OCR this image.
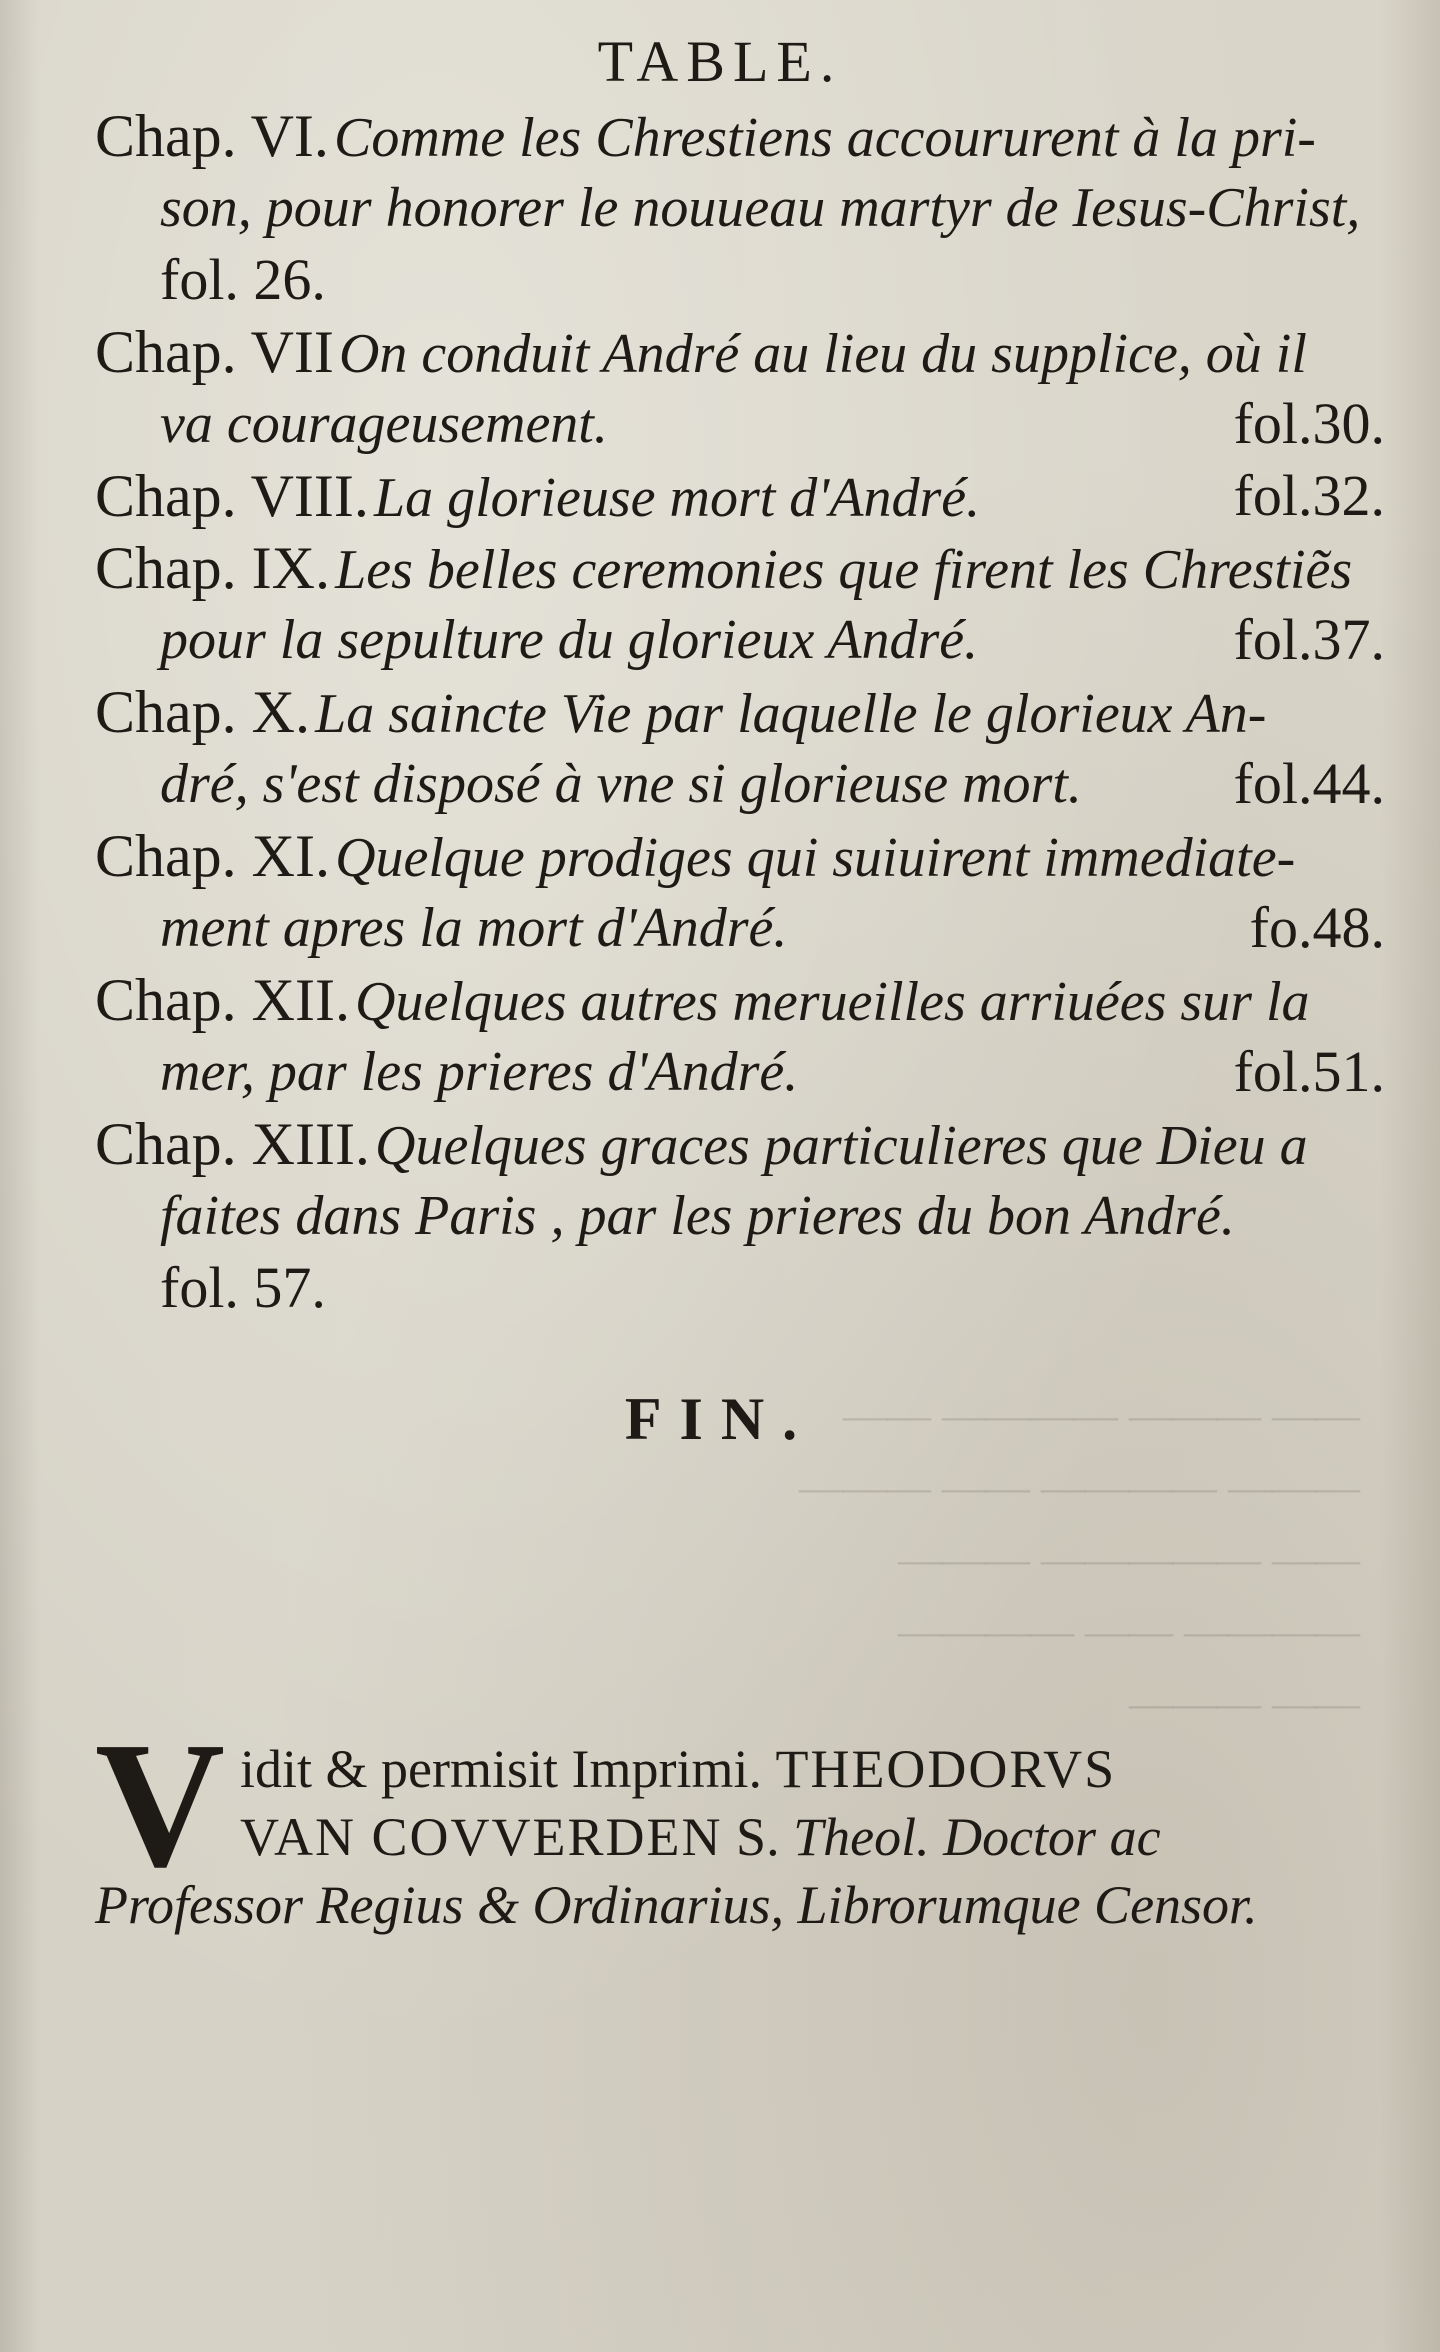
TABLE.
Chap. VI. Comme les Chrestiens accoururent à la pri-
son, pour honorer le nouueau martyr de Iesus-Christ,
fol. 26.
Chap. VII On conduit André au lieu du supplice, où il
va courageusement.	fol.30.
Chap. VIII. La glorieuse mort d'André.	fol.32.
Chap. IX. Les belles ceremonies que firent les Chrestiẽs
pour la sepulture du glorieux André.	fol.37.
Chap. X. La saincte Vie par laquelle le glorieux An-
dré, s'est disposé à vne si glorieuse mort.	fol.44.
Chap. XI. Quelque prodiges qui suiuirent immediate-
ment apres la mort d'André.	fo.48.
Chap. XII. Quelques autres merueilles arriuées sur la
mer, par les prieres d'André.	fol.51.
Chap. XIII. Quelques graces particulieres que Dieu a
faites dans Paris , par les prieres du bon André.
fol. 57.
FIN.
V idit & permisit Imprimi. THEODORVS
VAN COVVERDEN S. Theol. Doctor ac
Professor Regius & Ordinarius, Librorumque Censor.
—— ——— ———— ——
——— ———— —— ———
—— ————— ———
———— —— ————
—— ———
